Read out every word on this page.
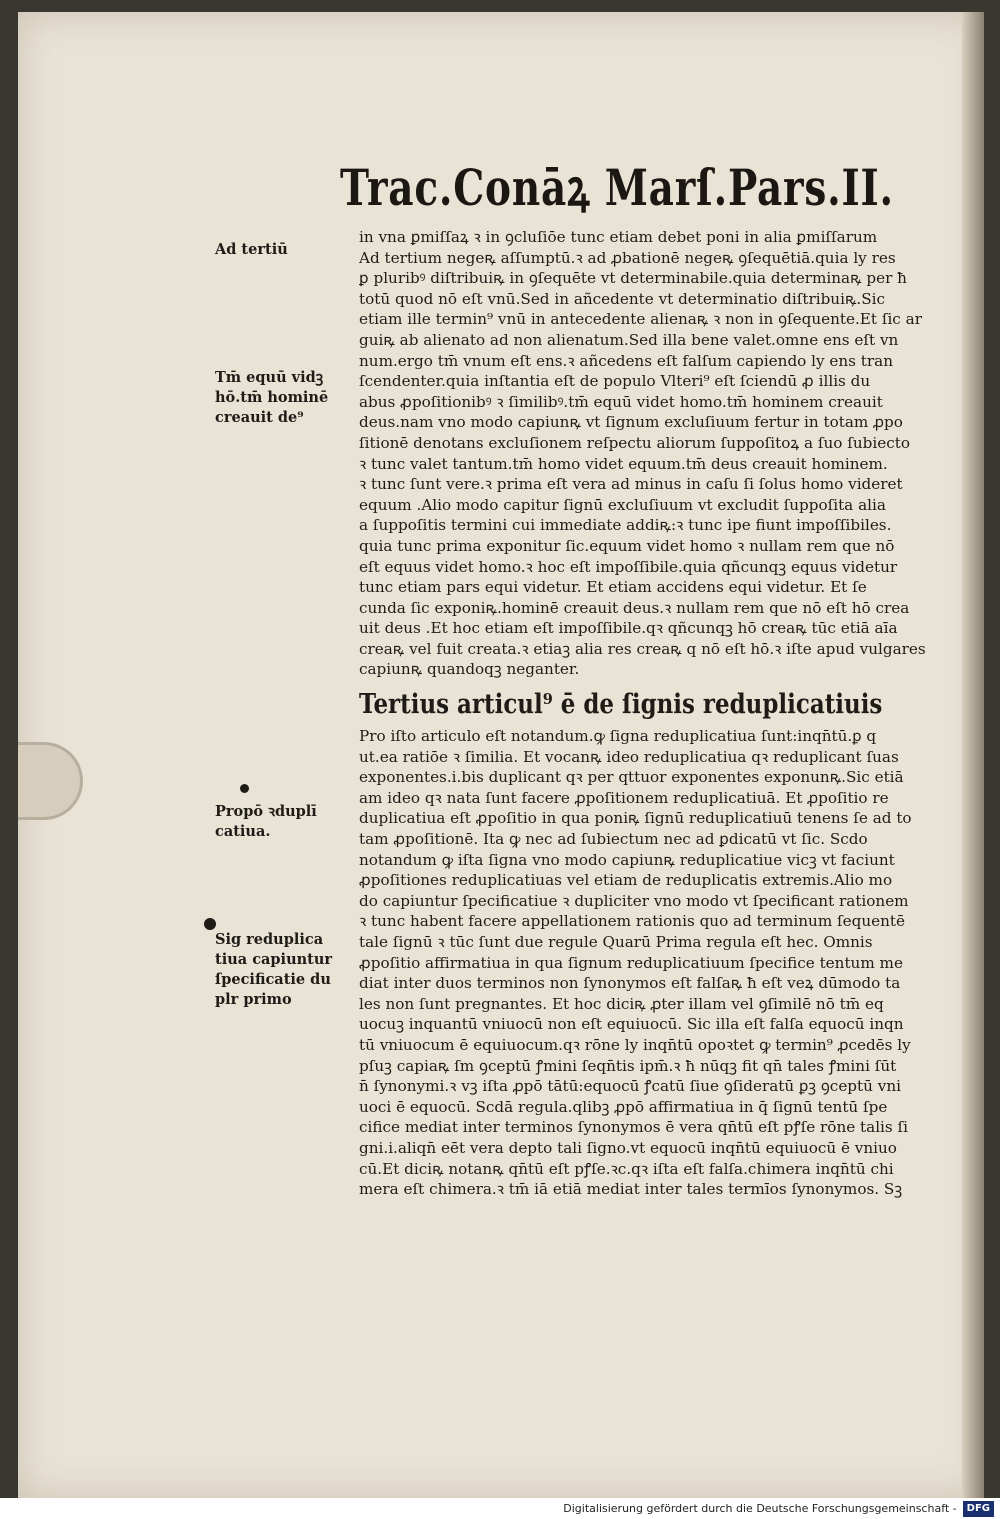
Trac.Conāꝝ Marſ.Pars.II.
in vna ꝑmiſſaꝝ ꝛ in ꝯcluſiōe tunc etiam debet poni in alia ꝑmiſſarum
Ad tertium negeꝶ aſſumptū.ꝛ ad ꝓbationē negeꝶ ꝯſequētiā.quia ly res
ꝑ pluribꝰ diſtribuiꝶ in ꝯſequēte vt determinabile.quia determinaꝶ per ħ
totū quod nō eſt vnū.Sed in añcedente vt determinatio diſtribuiꝶ.Sic
etiam ille termin⁹ vnū in antecedente alienaꝶ ꝛ non in ꝯſequente.Et ſic ar
guiꝶ ab alienato ad non alienatum.Sed illa bene valet.omne ens eſt vn
num.ergo tm̄ vnum eſt ens.ꝛ añcedens eſt falſum capiendo ly ens tran
ſcendenter.quia inſtantia eſt de populo Vlteri⁹ eſt ſciendū ꝓ illis du
abus ꝓpoſitionibꝰ ꝛ ſimilibꝰ.tm̄ equū videt homo.tm̄ hominem creauit
deus.nam vno modo capiunꝶ vt ſignum excluſiuum fertur in totam ꝓpo
ſitionē denotans excluſionem reſpectu aliorum ſuppoſitoꝝ a ſuo ſubiecto
ꝛ tunc valet tantum.tm̄ homo videt equum.tm̄ deus creauit hominem.
ꝛ tunc ſunt vere.ꝛ prima eſt vera ad minus in caſu ſi ſolus homo videret
equum .Alio modo capitur ſignū excluſiuum vt excludit ſuppoſita alia
a ſuppoſitis termini cui immediate addiꝶ:ꝛ tunc ipe fiunt impoſſibiles.
quia tunc prima exponitur ſic.equum videt homo ꝛ nullam rem que nō
eſt equus videt homo.ꝛ hoc eſt impoſſibile.quia qñcunqꝫ equus videtur
tunc etiam pars equi videtur. Et etiam accidens equi videtur. Et ſe
cunda ſic exponiꝶ.hominē creauit deus.ꝛ nullam rem que nō eſt hō crea
uit deus .Et hoc etiam eſt impoſſibile.qꝛ qñcunqꝫ hō creaꝶ tūc etiā aīa
creaꝶ vel fuit creata.ꝛ etiaꝫ alia res creaꝶ q nō eſt hō.ꝛ iſte apud vulgares
capiunꝶ quandoqꝫ neganter.
Tertius articul⁹ ē de ſignis reduplicatiuis
Pro iſto articulo eſt notandum.ꝙ ſigna reduplicatiua ſunt:inqn̄tū.ꝑ q
ut.ea ratiōe ꝛ ſimilia. Et vocanꝶ ideo reduplicatiua qꝛ reduplicant ſuas
exponentes.i.bis duplicant qꝛ per qttuor exponentes exponunꝶ.Sic etiā
am ideo qꝛ nata ſunt facere ꝓpoſitionem reduplicatiuā. Et ꝓpoſitio re
duplicatiua eſt ꝓpoſitio in qua poniꝶ ſignū reduplicatiuū tenens ſe ad to
tam ꝓpoſitionē. Ita ꝙ nec ad ſubiectum nec ad ꝑdicatū vt ſic. Scdo
notandum ꝙ iſta ſigna vno modo capiunꝶ reduplicatiue vicꝫ vt faciunt
ꝓpoſitiones reduplicatiuas vel etiam de reduplicatis extremis.Alio mo
do capiuntur ſpecificatiue ꝛ dupliciter vno modo vt ſpecificant rationem
ꝛ tunc habent facere appellationem rationis quo ad terminum ſequentē
tale ſignū ꝛ tūc ſunt due regule Quarū Prima regula eſt hec. Omnis
ꝓpoſitio affirmatiua in qua ſignum reduplicatiuum ſpecifice tentum me
diat inter duos terminos non ſynonymos eſt falſaꝶ ħ eſt veꝝ dūmodo ta
les non ſunt pregnantes. Et hoc diciꝶ ꝓter illam vel ꝯſimilē nō tm̄ eq
uocuꝫ inquantū vniuocū non eſt equiuocū. Sic illa eſt falſa equocū inqn
tū vniuocum ē equiuocum.qꝛ rōne ly inqn̄tū opoꝛtet ꝙ termin⁹ ꝓcedēs ly
pſuꝫ capiaꝶ ſm ꝯceptū ꝭmini ſeqn̄tis ipm̄.ꝛ ħ nūqꝫ fit qn̄ tales ꝭmini ſūt
n̄ ſynonymi.ꝛ vꝫ iſta ꝓpō tātū:equocū ꝭcatū ſiue ꝯſideratū ꝑꝫ ꝯceptū vni
uoci ē equocū. Scdā regula.qlibꝫ ꝓpō affirmatiua in q̄ ſignū tentū ſpe
cifice mediat inter terminos ſynonymos ē vera qn̄tū eſt pꝭſe rōne talis ſi
gni.i.aliqn̄ eēt vera depto tali ſigno.vt equocū inqn̄tū equiuocū ē vniuo
cū.Et diciꝶ notanꝶ qn̄tū eſt pꝭſe.ꝛc.qꝛ iſta eſt falſa.chimera inqn̄tū chi
mera eſt chimera.ꝛ tm̄ iā etiā mediat inter tales termīos ſynonymos. Sꝫ
Ad tertiū
Tm̄ equū vidꝫ
hō.tm̄ hominē
creauit de⁹
Propō ꝛduplī
catiua.
Sig reduplica
tiua capiuntur
ſpecificatie du
plr primo
Digitalisierung gefördert durch die Deutsche Forschungsgemeinschaft - DFG
